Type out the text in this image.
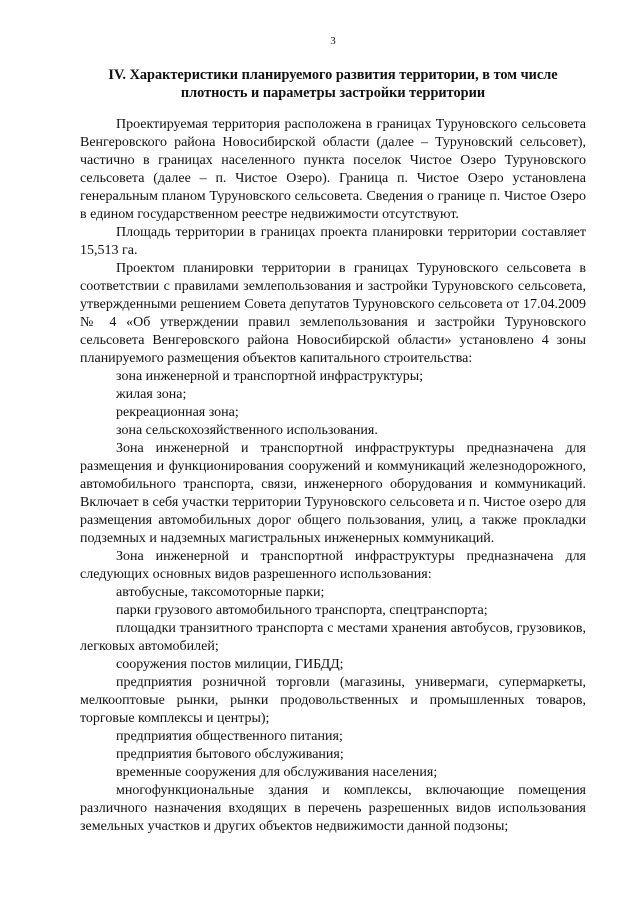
3
IV. Характеристики планируемого развития территории, в том числе плотность и параметры застройки территории

Проектируемая территория расположена в границах Туруновского сельсовета Венгеровского района Новосибирской области (далее – Туруновский сельсовет), частично в границах населенного пункта поселок Чистое Озеро Туруновского сельсовета (далее – п. Чистое Озеро). Граница п. Чистое Озеро установлена генеральным планом Туруновского сельсовета. Сведения о границе п. Чистое Озеро в едином государственном реестре недвижимости отсутствуют.

Площадь территории в границах проекта планировки территории составляет 15,513 га.

Проектом планировки территории в границах Туруновского сельсовета в соответствии с правилами землепользования и застройки Туруновского сельсовета, утвержденными решением Совета депутатов Туруновского сельсовета от 17.04.2009 № 4 «Об утверждении правил землепользования и застройки Туруновского сельсовета Венгеровского района Новосибирской области» установлено 4 зоны планируемого размещения объектов капитального строительства:

зона инженерной и транспортной инфраструктуры;

жилая зона;

рекреационная зона;

зона сельскохозяйственного использования.

Зона инженерной и транспортной инфраструктуры предназначена для размещения и функционирования сооружений и коммуникаций железнодорожного, автомобильного транспорта, связи, инженерного оборудования и коммуникаций. Включает в себя участки территории Туруновского сельсовета и п. Чистое озеро для размещения автомобильных дорог общего пользования, улиц, а также прокладки подземных и надземных магистральных инженерных коммуникаций.

Зона инженерной и транспортной инфраструктуры предназначена для следующих основных видов разрешенного использования:

автобусные, таксомоторные парки;

парки грузового автомобильного транспорта, спецтранспорта;

площадки транзитного транспорта с местами хранения автобусов, грузовиков, легковых автомобилей;

сооружения постов милиции, ГИБДД;

предприятия розничной торговли (магазины, универмаги, супермаркеты, мелкооптовые рынки, рынки продовольственных и промышленных товаров, торговые комплексы и центры);

предприятия общественного питания;

предприятия бытового обслуживания;

временные сооружения для обслуживания населения;

многофункциональные здания и комплексы, включающие помещения различного назначения входящих в перечень разрешенных видов использования земельных участков и других объектов недвижимости данной подзоны;
